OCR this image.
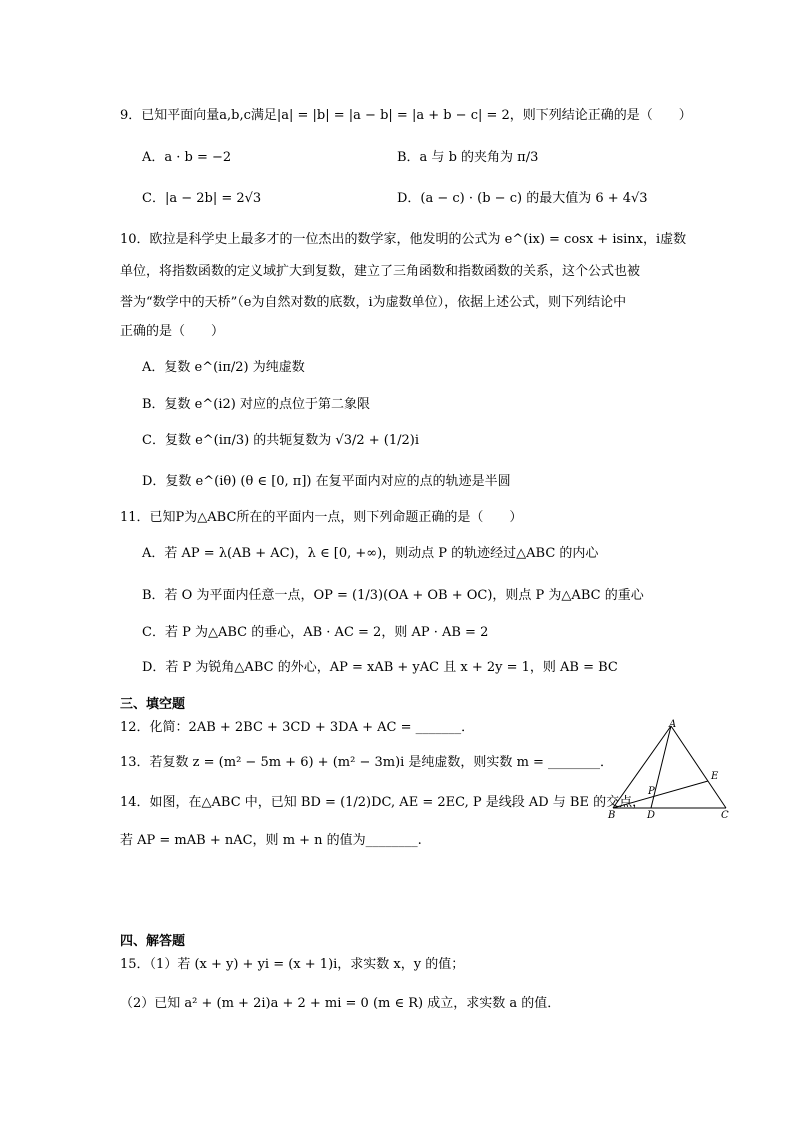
9．已知平面向量a,b,c满足|a| = |b| = |a − b| = |a + b − c| = 2，则下列结论正确的是（　　）
A．a · b = −2	B．a 与 b 的夹角为 π/3
C．|a − 2b| = 2√3	D．(a − c) · (b − c) 的最大值为 6 + 4√3
10．欧拉是科学史上最多才的一位杰出的数学家，他发明的公式为 e^(ix) = cosx + isinx，i虚数
单位，将指数函数的定义域扩大到复数，建立了三角函数和指数函数的关系，这个公式也被
誉为“数学中的天桥”（e为自然对数的底数，i为虚数单位），依据上述公式，则下列结论中
正确的是（　　）
A．复数 e^(iπ/2) 为纯虚数
B．复数 e^(i2) 对应的点位于第二象限
C．复数 e^(iπ/3) 的共轭复数为 √3/2 + (1/2)i
D．复数 e^(iθ) (θ ∈ [0, π]) 在复平面内对应的点的轨迹是半圆
11．已知P为△ABC所在的平面内一点，则下列命题正确的是（　　）
A．若 AP = λ(AB + AC)，λ ∈ [0, +∞)，则动点 P 的轨迹经过△ABC 的内心
B．若 O 为平面内任意一点，OP = (1/3)(OA + OB + OC)，则点 P 为△ABC 的重心
C．若 P 为△ABC 的垂心，AB · AC = 2，则 AP · AB = 2
D．若 P 为锐角△ABC 的外心，AP = xAB + yAC 且 x + 2y = 1，则 AB = BC
三、填空题
12．化简：2AB + 2BC + 3CD + 3DA + AC = _______．
13．若复数 z = (m² − 5m + 6) + (m² − 3m)i 是纯虚数，则实数 m = ________．
14．如图，在△ABC 中，已知 BD = (1/2)DC, AE = 2EC, P 是线段 AD 与 BE 的交点，
若 AP = mAB + nAC，则 m + n 的值为________.
A
E
P
B	D	C
四、解答题
15．（1）若 (x + y) + yi = (x + 1)i，求实数 x，y 的值；
（2）已知 a² + (m + 2i)a + 2 + mi = 0 (m ∈ R) 成立，求实数 a 的值．
